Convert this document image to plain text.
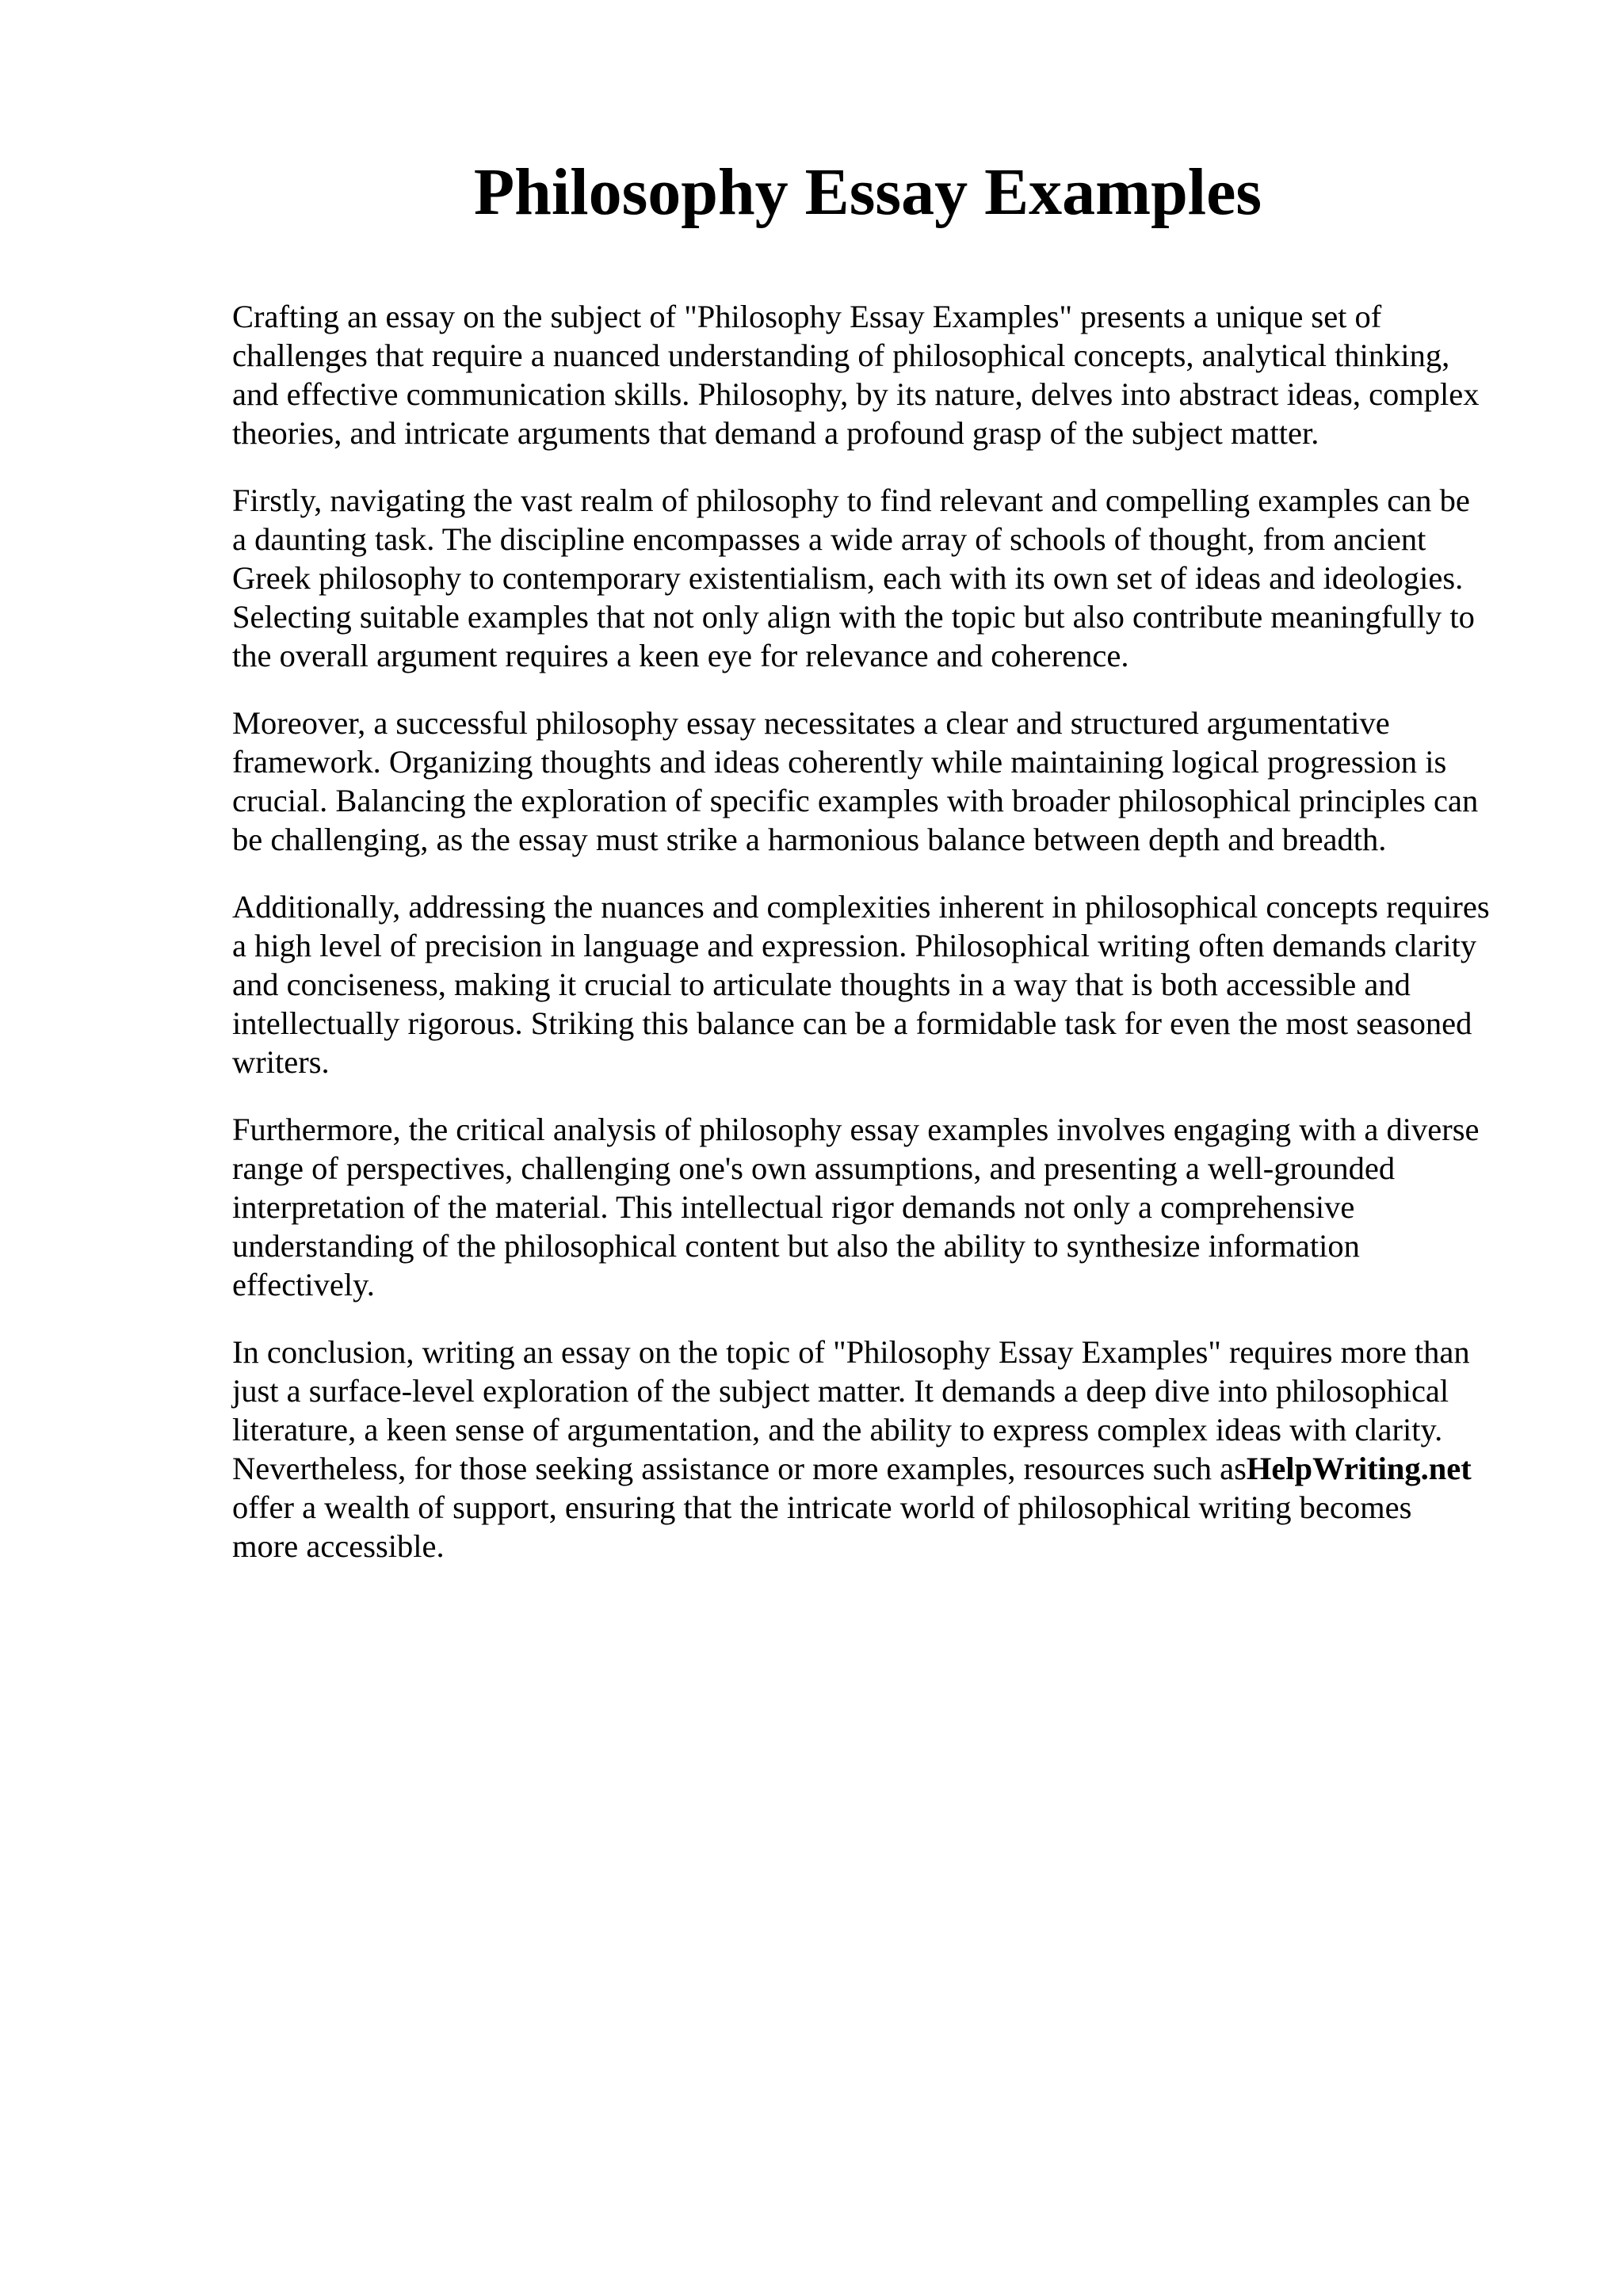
Philosophy Essay Examples

Crafting an essay on the subject of "Philosophy Essay Examples" presents a unique set of
challenges that require a nuanced understanding of philosophical concepts, analytical thinking,
and effective communication skills. Philosophy, by its nature, delves into abstract ideas, complex
theories, and intricate arguments that demand a profound grasp of the subject matter.

Firstly, navigating the vast realm of philosophy to find relevant and compelling examples can be
a daunting task. The discipline encompasses a wide array of schools of thought, from ancient
Greek philosophy to contemporary existentialism, each with its own set of ideas and ideologies.
Selecting suitable examples that not only align with the topic but also contribute meaningfully to
the overall argument requires a keen eye for relevance and coherence.

Moreover, a successful philosophy essay necessitates a clear and structured argumentative
framework. Organizing thoughts and ideas coherently while maintaining logical progression is
crucial. Balancing the exploration of specific examples with broader philosophical principles can
be challenging, as the essay must strike a harmonious balance between depth and breadth.

Additionally, addressing the nuances and complexities inherent in philosophical concepts requires
a high level of precision in language and expression. Philosophical writing often demands clarity
and conciseness, making it crucial to articulate thoughts in a way that is both accessible and
intellectually rigorous. Striking this balance can be a formidable task for even the most seasoned
writers.

Furthermore, the critical analysis of philosophy essay examples involves engaging with a diverse
range of perspectives, challenging one's own assumptions, and presenting a well-grounded
interpretation of the material. This intellectual rigor demands not only a comprehensive
understanding of the philosophical content but also the ability to synthesize information
effectively.

In conclusion, writing an essay on the topic of "Philosophy Essay Examples" requires more than
just a surface-level exploration of the subject matter. It demands a deep dive into philosophical
literature, a keen sense of argumentation, and the ability to express complex ideas with clarity.
Nevertheless, for those seeking assistance or more examples, resources such asHelpWriting.net
offer a wealth of support, ensuring that the intricate world of philosophical writing becomes
more accessible.
